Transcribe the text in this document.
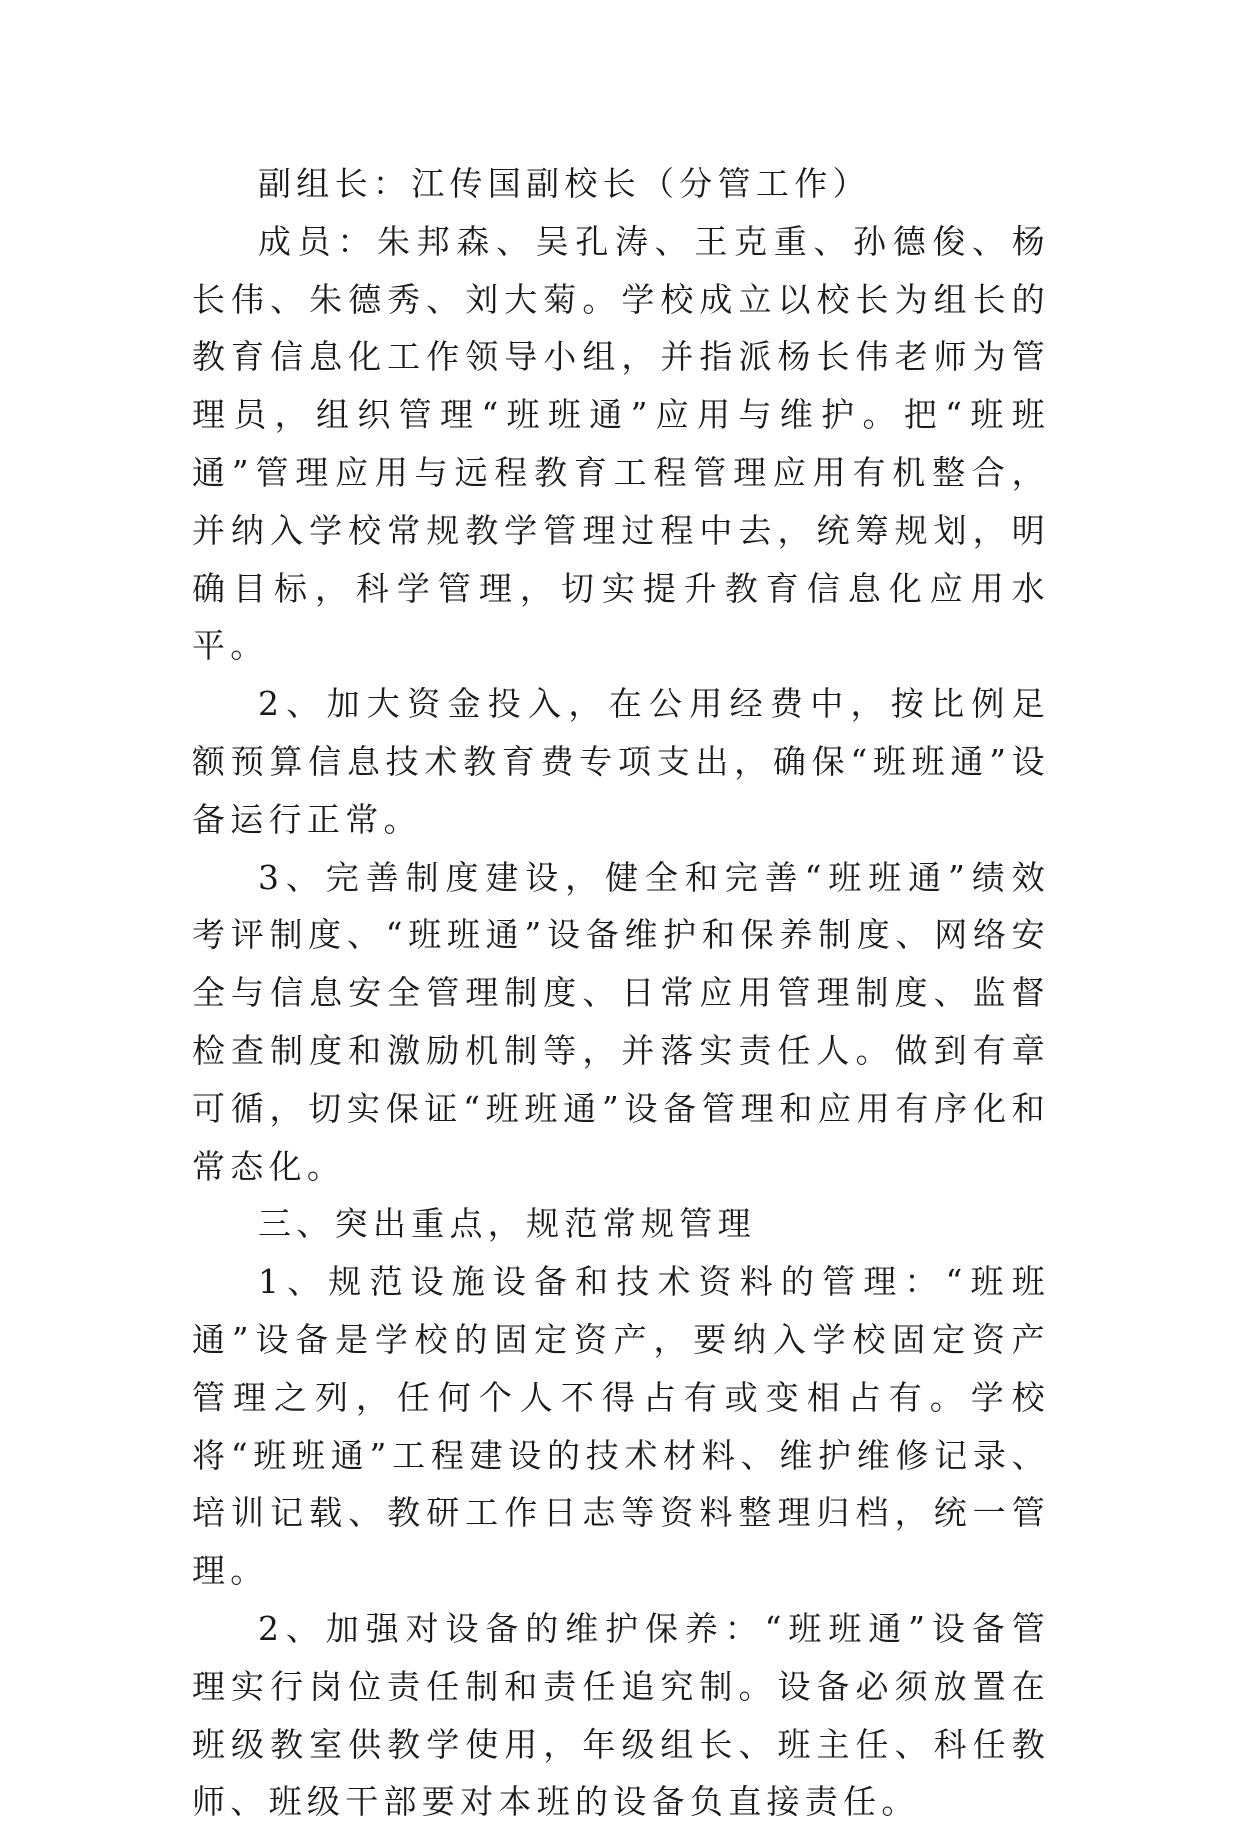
副组长：江传国副校长（分管工作）

成员：朱邦森、吴孔涛、王克重、孙德俊、杨长伟、朱德秀、刘大菊。学校成立以校长为组长的教育信息化工作领导小组，并指派杨长伟老师为管理员，组织管理“班班通”应用与维护。把“班班通”管理应用与远程教育工程管理应用有机整合，并纳入学校常规教学管理过程中去，统筹规划，明确目标，科学管理，切实提升教育信息化应用水平。

2、加大资金投入，在公用经费中，按比例足额预算信息技术教育费专项支出，确保“班班通”设备运行正常。

3、完善制度建设，健全和完善“班班通”绩效考评制度、“班班通”设备维护和保养制度、网络安全与信息安全管理制度、日常应用管理制度、监督检查制度和激励机制等，并落实责任人。做到有章可循，切实保证“班班通”设备管理和应用有序化和常态化。

三、突出重点，规范常规管理

1、规范设施设备和技术资料的管理：“班班通”设备是学校的固定资产，要纳入学校固定资产管理之列，任何个人不得占有或变相占有。学校将“班班通”工程建设的技术材料、维护维修记录、培训记载、教研工作日志等资料整理归档，统一管理。

2、加强对设备的维护保养：“班班通”设备管理实行岗位责任制和责任追究制。设备必须放置在班级教室供教学使用，年级组长、班主任、科任教师、班级干部要对本班的设备负直接责任。
